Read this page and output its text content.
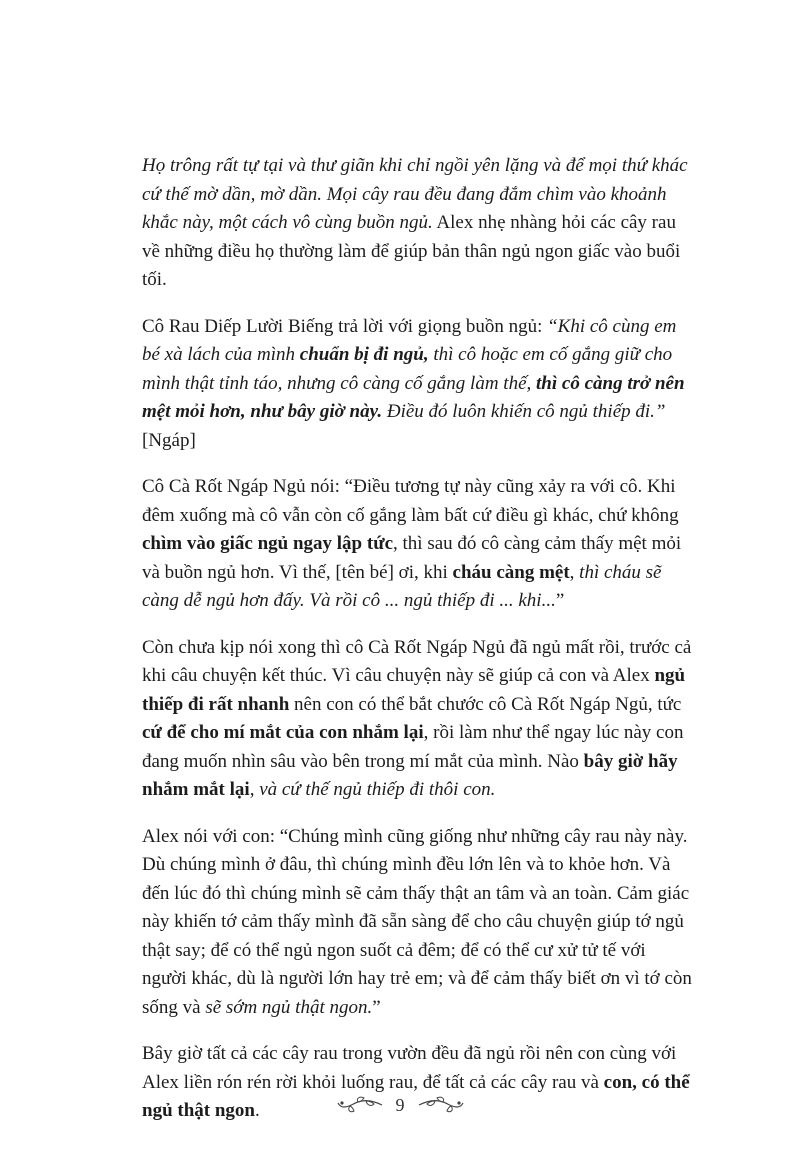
Họ trông rất tự tại và thư giãn khi chỉ ngồi yên lặng và để mọi thứ khác cứ thế mờ dần, mờ dần. Mọi cây rau đều đang đắm chìm vào khoảnh khắc này, một cách vô cùng buồn ngủ. Alex nhẹ nhàng hỏi các cây rau về những điều họ thường làm để giúp bản thân ngủ ngon giấc vào buổi tối.

Cô Rau Diếp Lười Biếng trả lời với giọng buồn ngủ: “Khi cô cùng em bé xà lách của mình chuẩn bị đi ngủ, thì cô hoặc em cố gắng giữ cho mình thật tỉnh táo, nhưng cô càng cố gắng làm thế, thì cô càng trở nên mệt mỏi hơn, như bây giờ này. Điều đó luôn khiến cô ngủ thiếp đi.” [Ngáp]

Cô Cà Rốt Ngáp Ngủ nói: “Điều tương tự này cũng xảy ra với cô. Khi đêm xuống mà cô vẫn còn cố gắng làm bất cứ điều gì khác, chứ không chìm vào giấc ngủ ngay lập tức, thì sau đó cô càng cảm thấy mệt mỏi và buồn ngủ hơn. Vì thế, [tên bé] ơi, khi cháu càng mệt, thì cháu sẽ càng dễ ngủ hơn đấy. Và rồi cô ... ngủ thiếp đi ... khi...”

Còn chưa kịp nói xong thì cô Cà Rốt Ngáp Ngủ đã ngủ mất rồi, trước cả khi câu chuyện kết thúc. Vì câu chuyện này sẽ giúp cả con và Alex ngủ thiếp đi rất nhanh nên con có thể bắt chước cô Cà Rốt Ngáp Ngủ, tức cứ để cho mí mắt của con nhắm lại, rồi làm như thể ngay lúc này con đang muốn nhìn sâu vào bên trong mí mắt của mình. Nào bây giờ hãy nhắm mắt lại, và cứ thế ngủ thiếp đi thôi con.

Alex nói với con: “Chúng mình cũng giống như những cây rau này này. Dù chúng mình ở đâu, thì chúng mình đều lớn lên và to khỏe hơn. Và đến lúc đó thì chúng mình sẽ cảm thấy thật an tâm và an toàn. Cảm giác này khiến tớ cảm thấy mình đã sẵn sàng để cho câu chuyện giúp tớ ngủ thật say; để có thể ngủ ngon suốt cả đêm; để có thể cư xử tử tế với người khác, dù là người lớn hay trẻ em; và để cảm thấy biết ơn vì tớ còn sống và sẽ sớm ngủ thật ngon.”

Bây giờ tất cả các cây rau trong vườn đều đã ngủ rồi nên con cùng với Alex liền rón rén rời khỏi luống rau, để tất cả các cây rau và con, có thể ngủ thật ngon.	9
